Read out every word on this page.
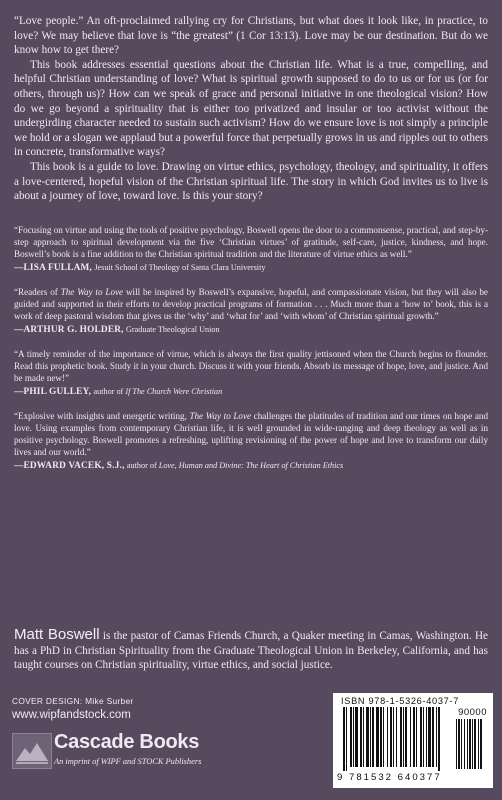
“Love people.” An oft-proclaimed rallying cry for Christians, but what does it look like, in practice, to love? We may believe that love is “the greatest” (1 Cor 13:13). Love may be our destination. But do we know how to get there?

This book addresses essential questions about the Christian life. What is a true, compelling, and helpful Christian understanding of love? What is spiritual growth supposed to do to us or for us (or for others, through us)? How can we speak of grace and personal initiative in one theological vision? How do we go beyond a spirituality that is either too privatized and insular or too activist without the undergirding character needed to sustain such activism? How do we ensure love is not simply a principle we hold or a slogan we applaud but a powerful force that perpetually grows in us and ripples out to others in concrete, transformative ways?

This book is a guide to love. Drawing on virtue ethics, psychology, theology, and spirituality, it offers a love-centered, hopeful vision of the Christian spiritual life. The story in which God invites us to live is about a journey of love, toward love. Is this your story?

“Focusing on virtue and using the tools of positive psychology, Boswell opens the door to a commonsense, practical, and step-by-step approach to spiritual development via the five ‘Christian virtues’ of gratitude, self-care, justice, kindness, and hope. Boswell’s book is a fine addition to the Christian spiritual tradition and the literature of virtue ethics as well.”

—LISA FULLAM, Jesuit School of Theology of Santa Clara University

“Readers of The Way to Love will be inspired by Boswell’s expansive, hopeful, and compassionate vision, but they will also be guided and supported in their efforts to develop practical programs of formation . . . Much more than a ‘how to’ book, this is a work of deep pastoral wisdom that gives us the ‘why’ and ‘what for’ and ‘with whom’ of Christian spiritual growth.”

—ARTHUR G. HOLDER, Graduate Theological Union

“A timely reminder of the importance of virtue, which is always the first quality jettisoned when the Church begins to flounder. Read this prophetic book. Study it in your church. Discuss it with your friends. Absorb its message of hope, love, and justice. And be made new!”

—PHIL GULLEY, author of If The Church Were Christian

“Explosive with insights and energetic writing, The Way to Love challenges the platitudes of tradition and our times on hope and love. Using examples from contemporary Christian life, it is well grounded in wide-ranging and deep theology as well as in positive psychology. Boswell promotes a refreshing, uplifting revisioning of the power of hope and love to transform our daily lives and our world.”

—EDWARD VACEK, S.J., author of Love, Human and Divine: The Heart of Christian Ethics

Matt Boswell is the pastor of Camas Friends Church, a Quaker meeting in Camas, Washington. He has a PhD in Christian Spirituality from the Graduate Theological Union in Berkeley, California, and has taught courses on Christian spirituality, virtue ethics, and social justice.

COVER DESIGN: Mike Surber

www.wipfandstock.com

Cascade Books

An imprint of WIPF and STOCK Publishers

ISBN 978-1-5326-4037-7

90000

9 781532 640377
